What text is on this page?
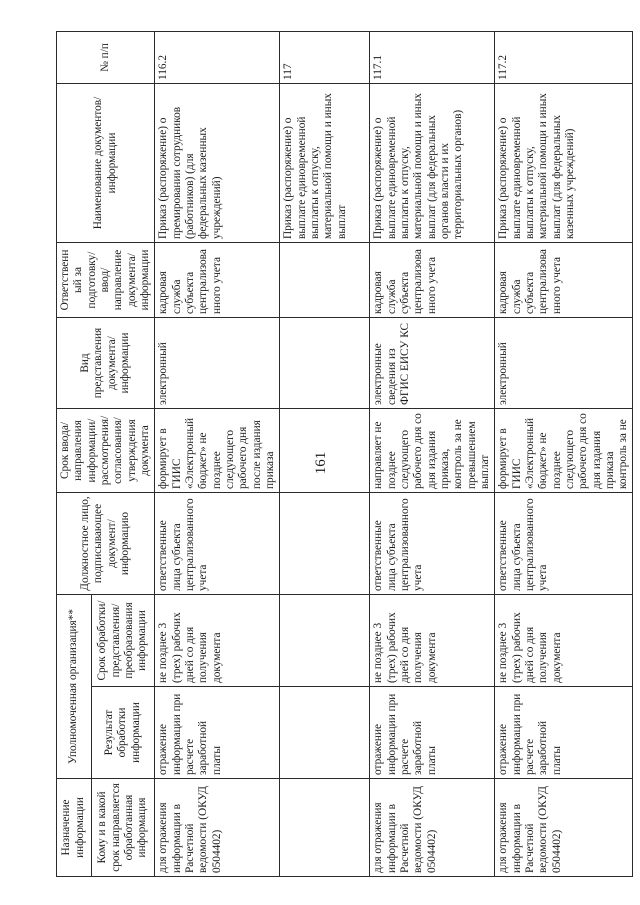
161
Назначение информации	Уполномоченная организация**		Должностное лицо, подписывающее документ/ информацию	Срок ввода/ направления информации/ рассмотрения/ согласования/ утверждения документа	Вид представления документа/ информации	Ответственный за подготовку/ ввод/ направление документа/ информации	Наименование документов/информации	№ п/п
Кому и в какой срок направляется обработанная информация	Результат обработки информации	Срок обработки/ представления/ преобразования информации						
для отражения информации в Расчетной ведомости (ОКУД 0504402)	отражение информации при расчете заработной платы	не позднее 3 (трех) рабочих дней со дня получения документа	ответственные лица субъекта централизованного учета	формирует в ГИИС «Электронный бюджет» не позднее следующего рабочего дня после издания приказа	электронный	кадровая служба субъекта централизованного учета	Приказ (распоряжение) о премировании сотрудников (работников) (для федеральных казенных учреждений)	116.2
							Приказ (распоряжение) о выплате единовременной выплаты к отпуску, материальной помощи и иных выплат	117
для отражения информации в Расчетной ведомости (ОКУД 0504402)	отражение информации при расчете заработной платы	не позднее 3 (трех) рабочих дней со дня получения документа	ответственные лица субъекта централизованного учета	направляет не позднее следующего рабочего дня со дня издания приказа, контроль за не превышением выплат	электронные сведения из ФГИС ЕИСУ КС	кадровая служба субъекта централизованного учета	Приказ (распоряжение) о выплате единовременной выплаты к отпуску, материальной помощи и иных выплат (для федеральных органов власти и их территориальных органов)	117.1
для отражения информации в Расчетной ведомости (ОКУД 0504402)	отражение информации при расчете заработной платы	не позднее 3 (трех) рабочих дней со дня получения документа	ответственные лица субъекта централизованного учета	формирует в ГИИС «Электронный бюджет» не позднее следующего рабочего дня со дня издания приказа контроль за не	электронный	кадровая служба субъекта централизованного учета	Приказ (распоряжение) о выплате единовременной выплаты к отпуску, материальной помощи и иных выплат (для федеральных казенных учреждений)	117.2
